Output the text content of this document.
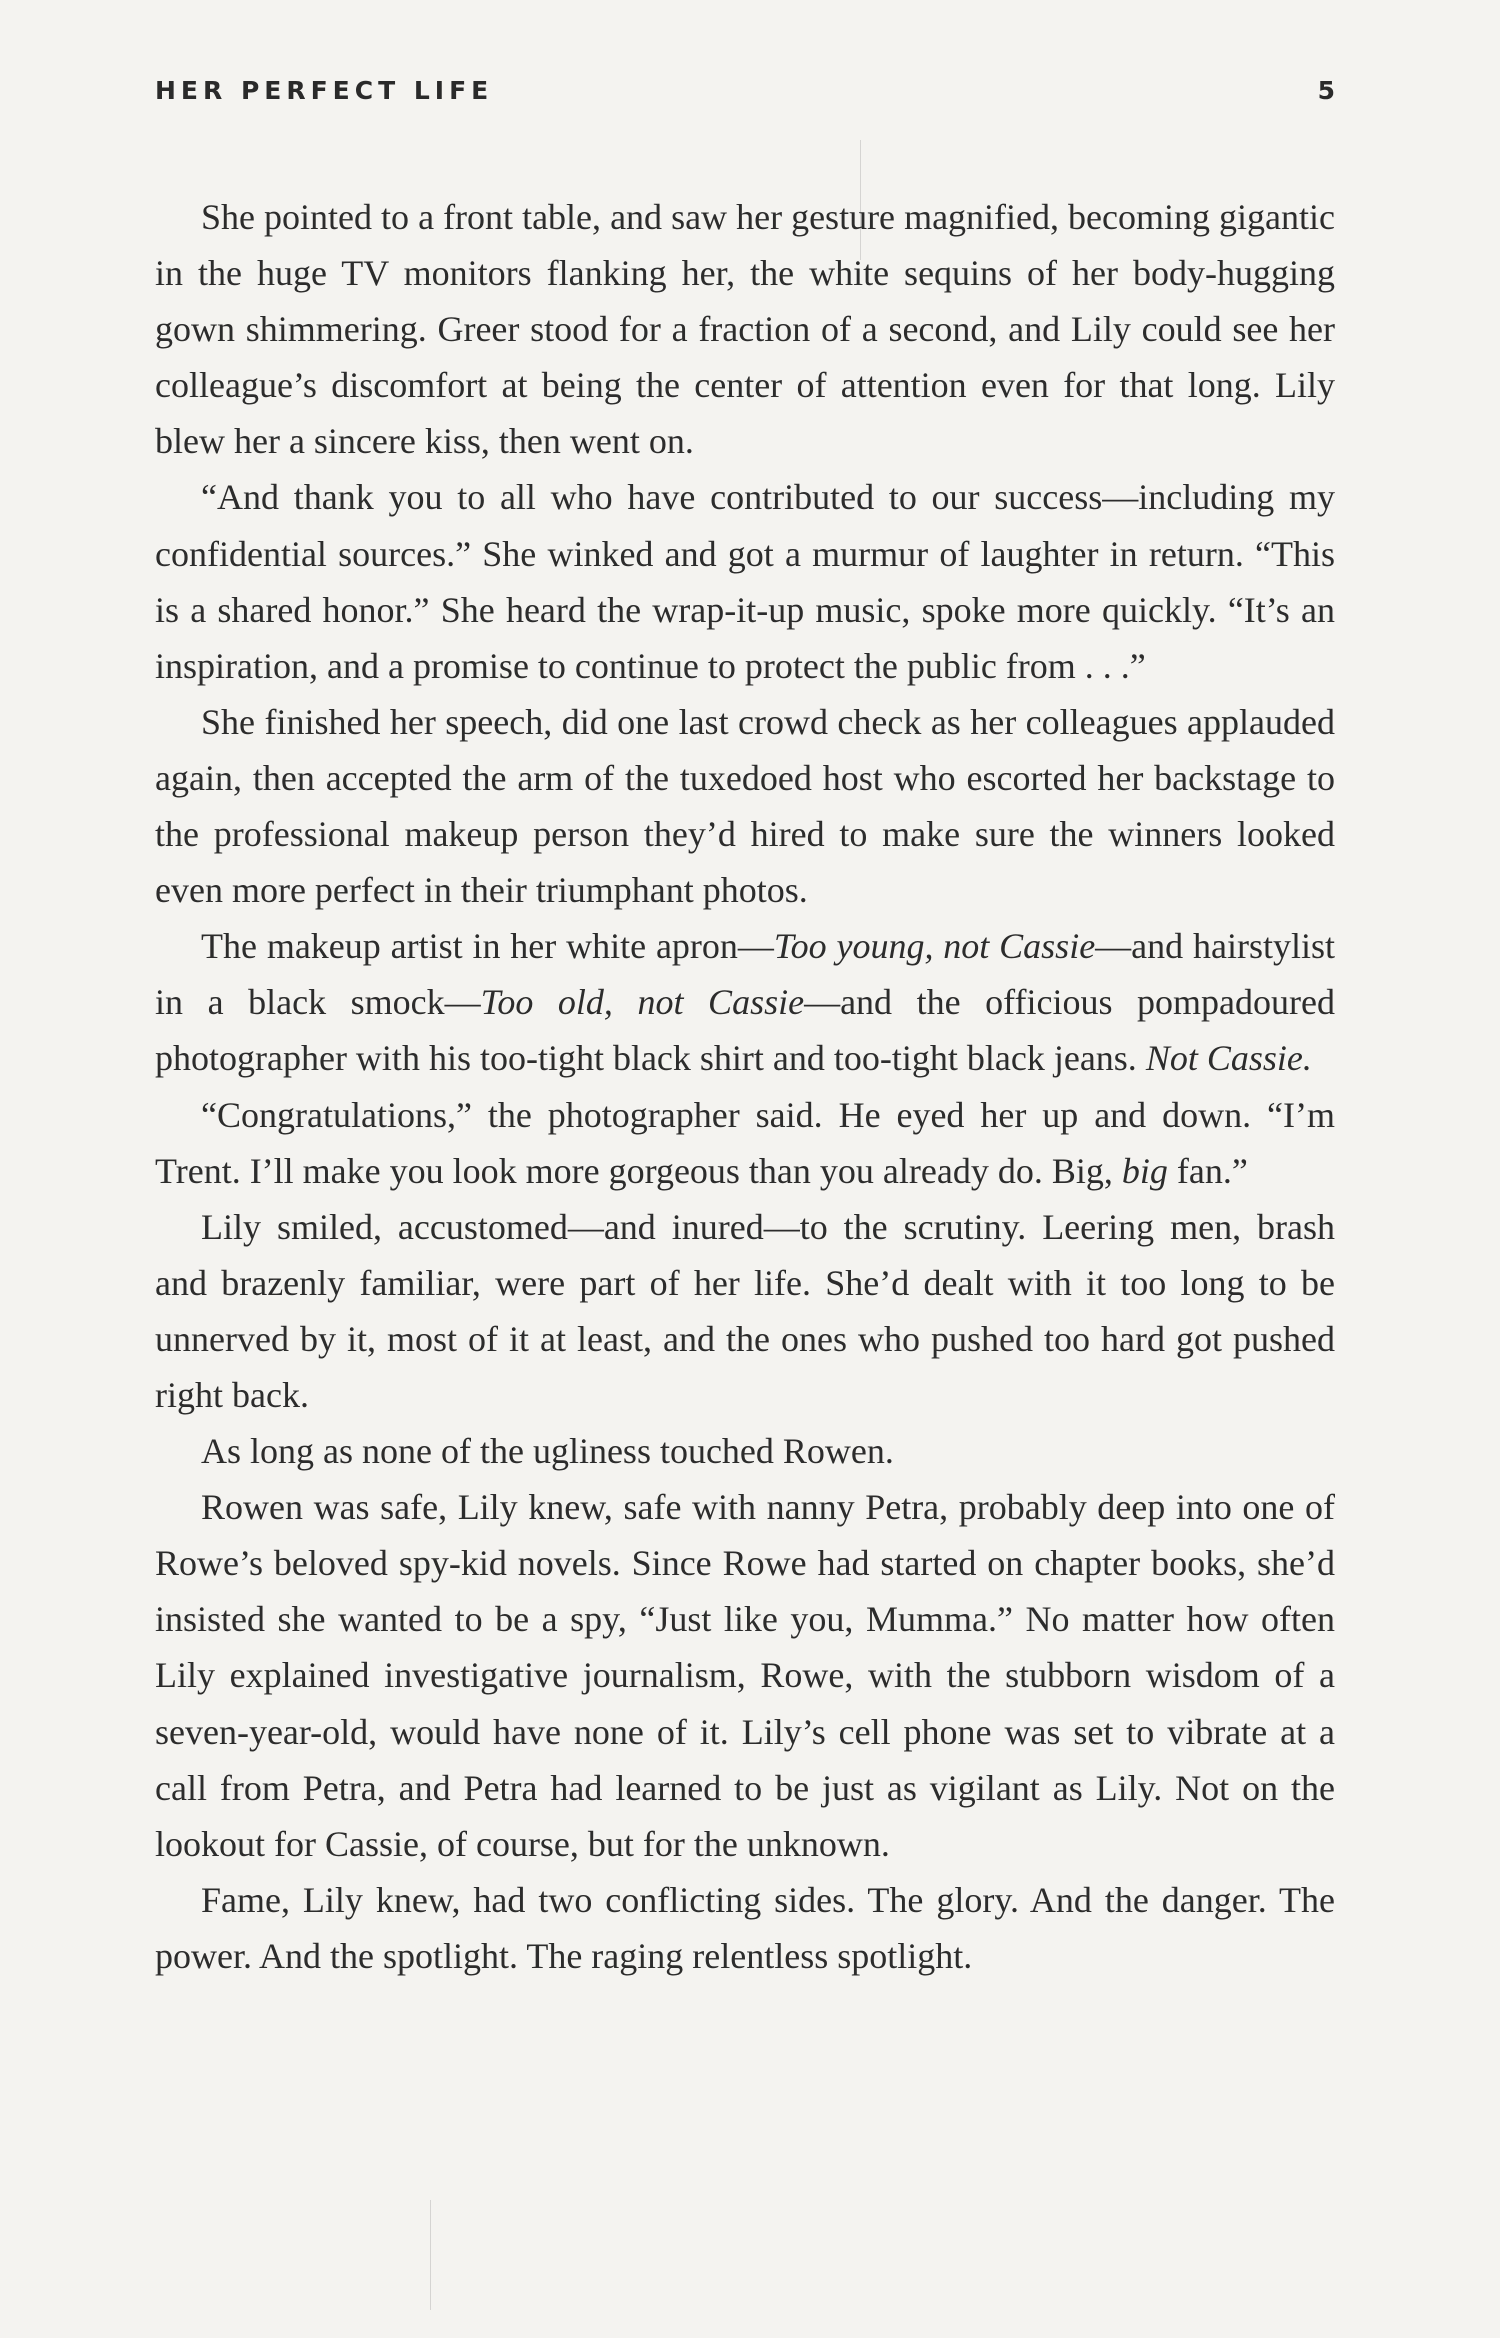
HER PERFECT LIFE	5

She pointed to a front table, and saw her gesture magnified, becoming gigantic in the huge TV monitors flanking her, the white sequins of her body-hugging gown shimmering. Greer stood for a fraction of a second, and Lily could see her colleague’s discomfort at being the center of attention even for that long. Lily blew her a sincere kiss, then went on.

“And thank you to all who have contributed to our success—including my confidential sources.” She winked and got a murmur of laughter in return. “This is a shared honor.” She heard the wrap-it-up music, spoke more quickly. “It’s an inspiration, and a promise to continue to protect the public from . . .”

She finished her speech, did one last crowd check as her colleagues applauded again, then accepted the arm of the tuxedoed host who escorted her backstage to the professional makeup person they’d hired to make sure the winners looked even more perfect in their triumphant photos.

The makeup artist in her white apron—Too young, not Cassie—and hairstylist in a black smock—Too old, not Cassie—and the officious pompadoured photographer with his too-tight black shirt and too-tight black jeans. Not Cassie.

“Congratulations,” the photographer said. He eyed her up and down. “I’m Trent. I’ll make you look more gorgeous than you already do. Big, big fan.”

Lily smiled, accustomed—and inured—to the scrutiny. Leering men, brash and brazenly familiar, were part of her life. She’d dealt with it too long to be unnerved by it, most of it at least, and the ones who pushed too hard got pushed right back.

As long as none of the ugliness touched Rowen.

Rowen was safe, Lily knew, safe with nanny Petra, probably deep into one of Rowe’s beloved spy-kid novels. Since Rowe had started on chapter books, she’d insisted she wanted to be a spy, “Just like you, Mumma.” No matter how often Lily explained investigative journalism, Rowe, with the stubborn wisdom of a seven-year-old, would have none of it. Lily’s cell phone was set to vibrate at a call from Petra, and Petra had learned to be just as vigilant as Lily. Not on the lookout for Cassie, of course, but for the unknown.

Fame, Lily knew, had two conflicting sides. The glory. And the danger. The power. And the spotlight. The raging relentless spotlight.
